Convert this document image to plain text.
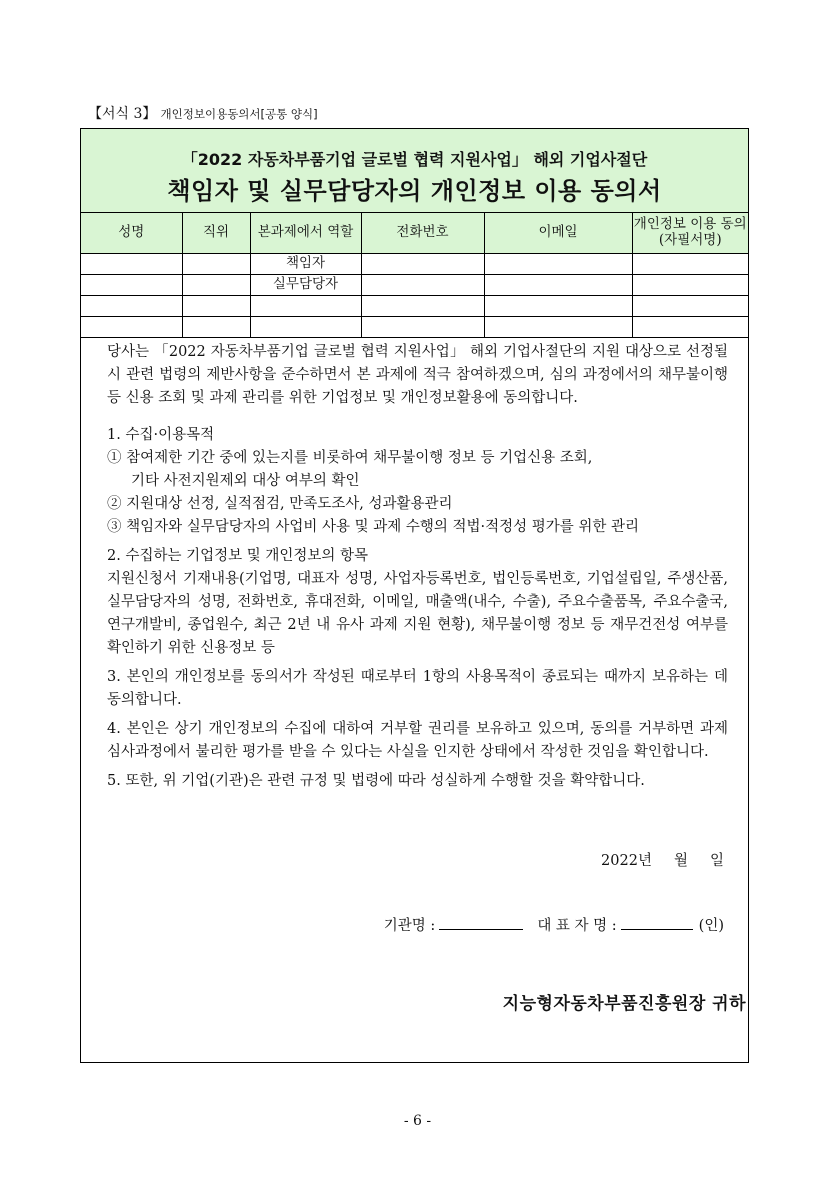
【서식 3】 개인정보이용동의서[공통 양식]
「2022 자동차부품기업 글로벌 협력 지원사업」 해외 기업사절단
책임자 및 실무담당자의 개인정보 이용 동의서
성명	직위	본과제에서 역할	전화번호	이메일	개인정보 이용 동의(자필서명)
		책임자			
		실무담당자			

당사는 「2022 자동차부품기업 글로벌 협력 지원사업」 해외 기업사절단의 지원 대상으로 선정될 시 관련 법령의 제반사항을 준수하면서 본 과제에 적극 참여하겠으며, 심의 과정에서의 채무불이행 등 신용 조회 및 과제 관리를 위한 기업정보 및 개인정보활용에 동의합니다.

1. 수집·이용목적

① 참여제한 기간 중에 있는지를 비롯하여 채무불이행 정보 등 기업신용 조회,

기타 사전지원제외 대상 여부의 확인

② 지원대상 선정, 실적점검, 만족도조사, 성과활용관리

③ 책임자와 실무담당자의 사업비 사용 및 과제 수행의 적법·적정성 평가를 위한 관리

2. 수집하는 기업정보 및 개인정보의 항목

지원신청서 기재내용(기업명, 대표자 성명, 사업자등록번호, 법인등록번호, 기업설립일, 주생산품, 실무담당자의 성명, 전화번호, 휴대전화, 이메일, 매출액(내수, 수출), 주요수출품목, 주요수출국, 연구개발비, 종업원수, 최근 2년 내 유사 과제 지원 현황), 채무불이행 정보 등 재무건전성 여부를 확인하기 위한 신용정보 등

3. 본인의 개인정보를 동의서가 작성된 때로부터 1항의 사용목적이 종료되는 때까지 보유하는 데 동의합니다.

4. 본인은 상기 개인정보의 수집에 대하여 거부할 권리를 보유하고 있으며, 동의를 거부하면 과제 심사과정에서 불리한 평가를 받을 수 있다는 사실을 인지한 상태에서 작성한 것임을 확인합니다.

5. 또한, 위 기업(기관)은 관련 규정 및 법령에 따라 성실하게 수행할 것을 확약합니다.

2022년 월 일
기관명 :	대 표 자 명 :	(인)
지능형자동차부품진흥원장 귀하
- 6 -
